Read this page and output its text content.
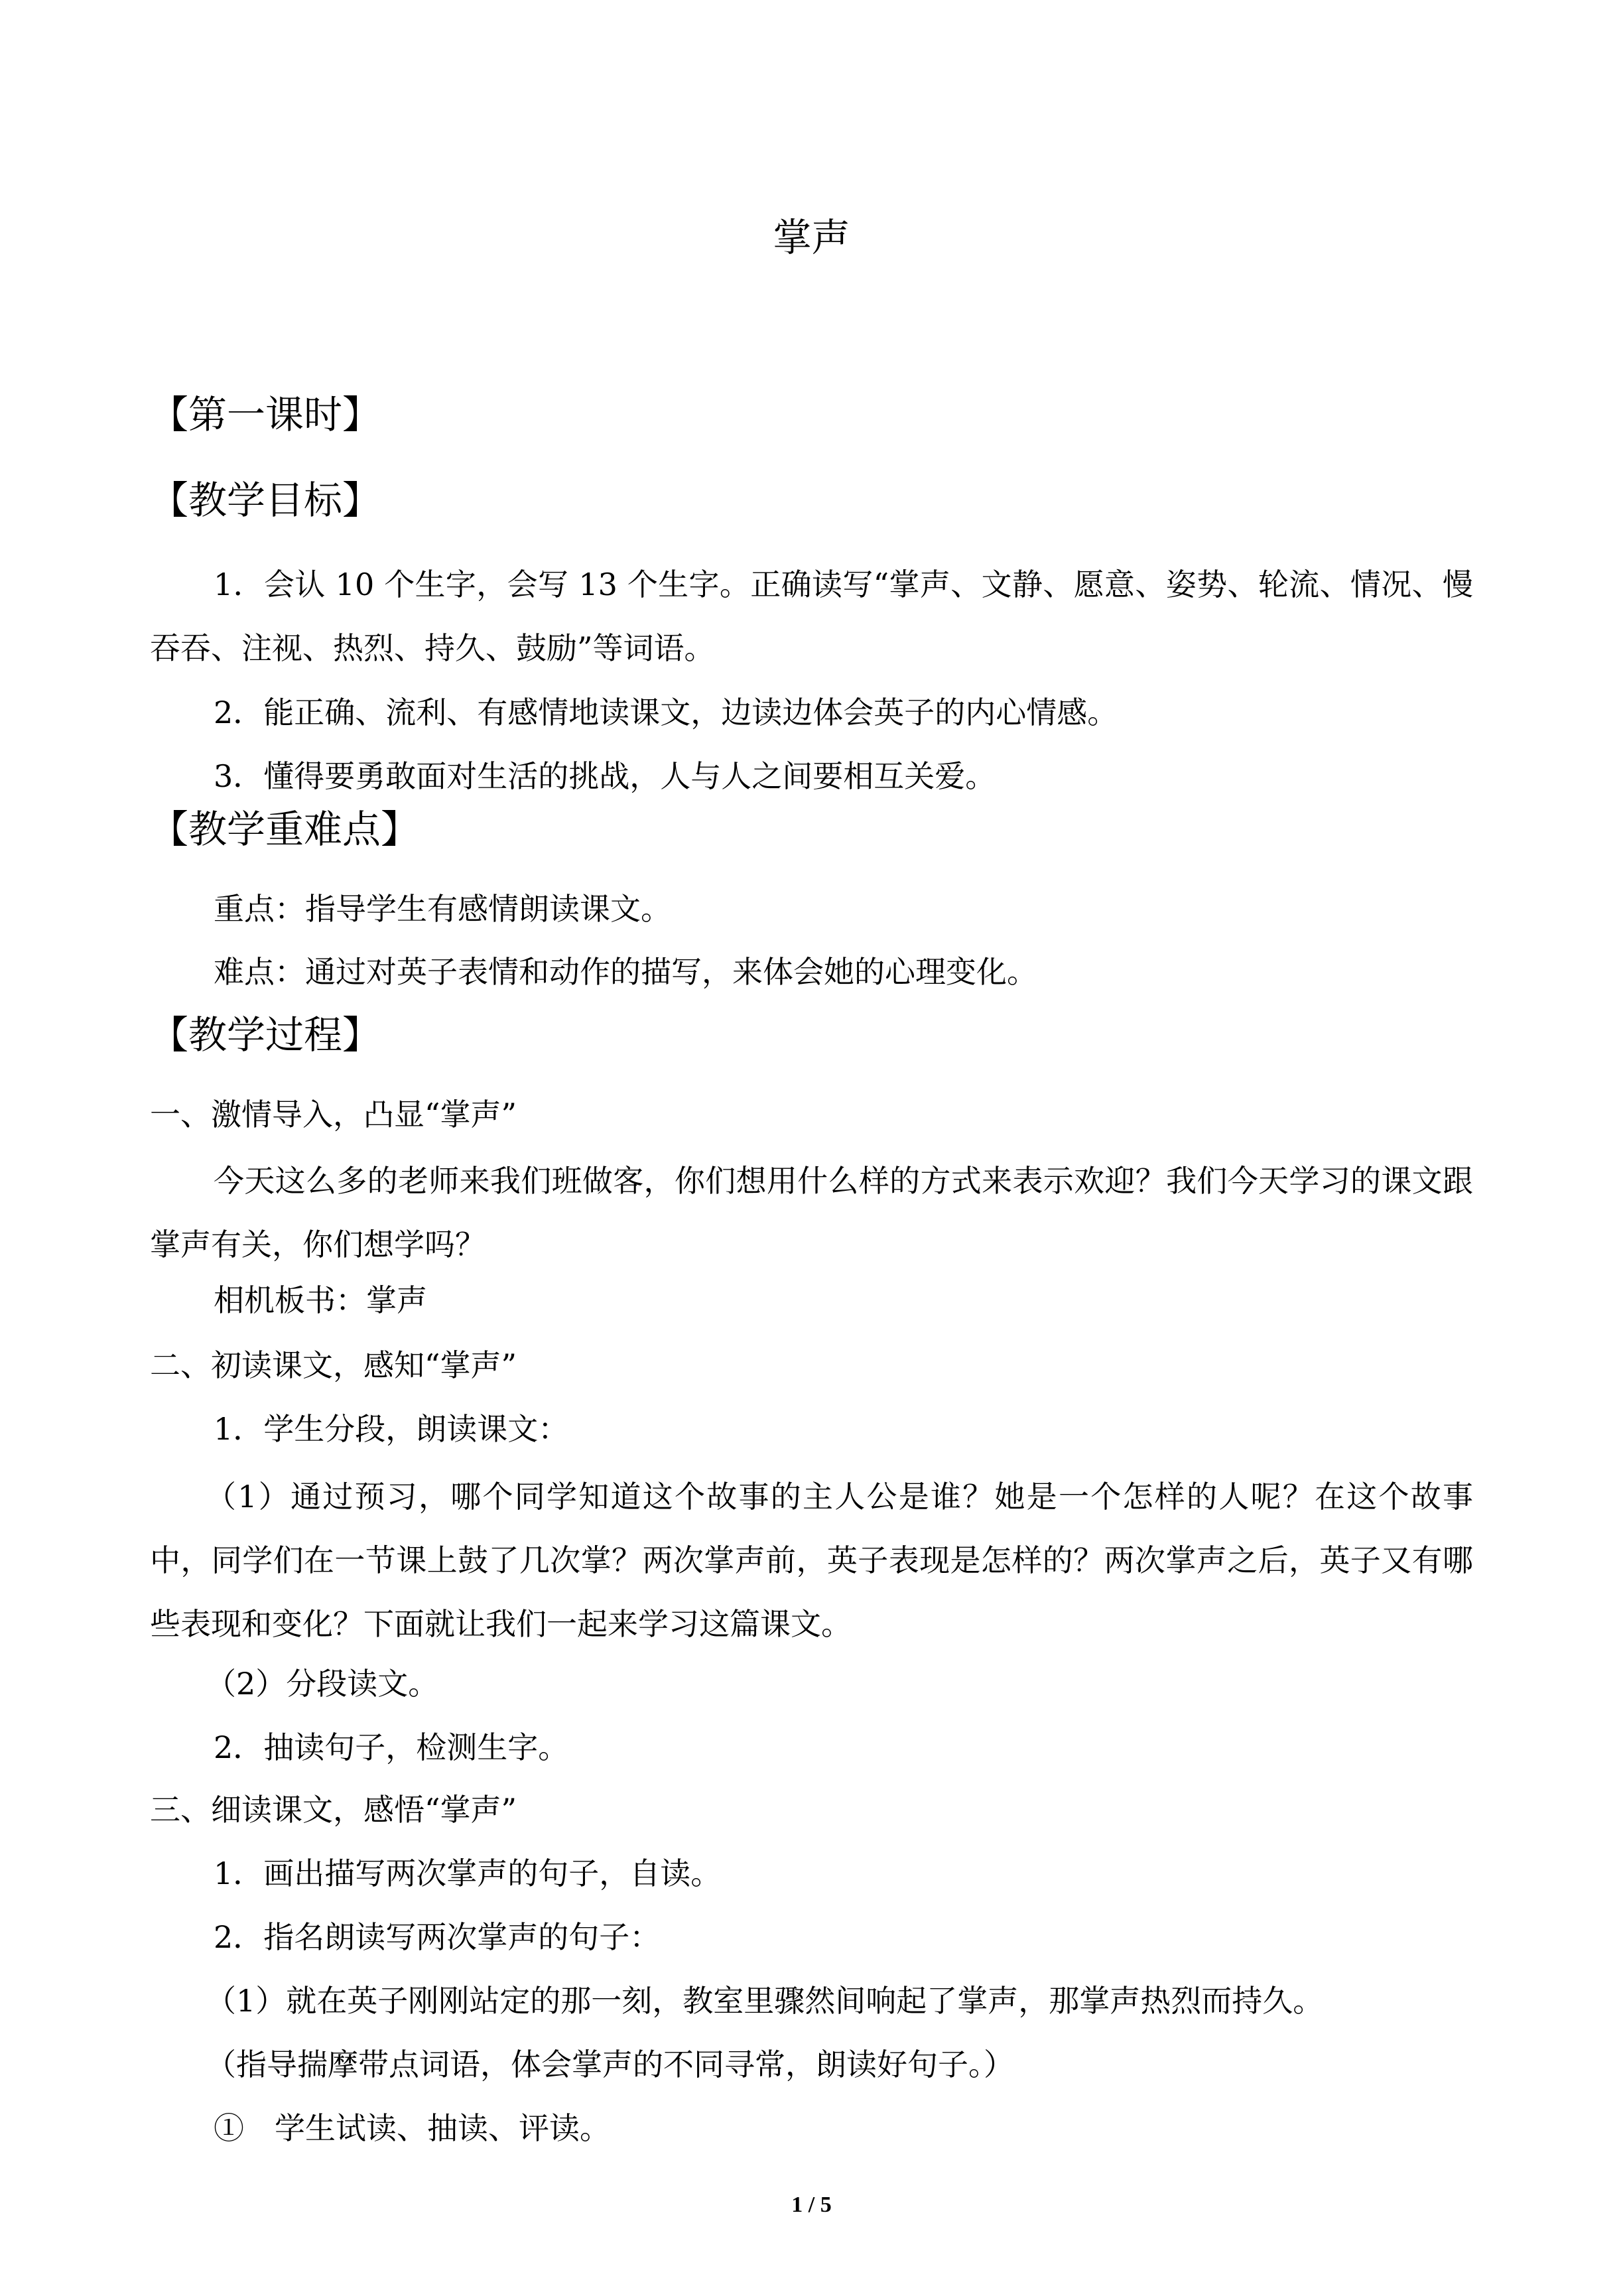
掌声
【第一课时】
【教学目标】
1．会认 10 个生字，会写 13 个生字。正确读写“掌声、文静、愿意、姿势、轮流、情况、慢吞吞、注视、热烈、持久、鼓励”等词语。
2．能正确、流利、有感情地读课文，边读边体会英子的内心情感。
3．懂得要勇敢面对生活的挑战，人与人之间要相互关爱。
【教学重难点】
重点：指导学生有感情朗读课文。
难点：通过对英子表情和动作的描写，来体会她的心理变化。
【教学过程】
一、激情导入，凸显“掌声”
今天这么多的老师来我们班做客，你们想用什么样的方式来表示欢迎？我们今天学习的课文跟掌声有关，你们想学吗？
相机板书：掌声
二、初读课文，感知“掌声”
1．学生分段，朗读课文：
（1）通过预习，哪个同学知道这个故事的主人公是谁？她是一个怎样的人呢？在这个故事中，同学们在一节课上鼓了几次掌？两次掌声前，英子表现是怎样的？两次掌声之后，英子又有哪些表现和变化？下面就让我们一起来学习这篇课文。
（2）分段读文。
2．抽读句子，检测生字。
三、细读课文，感悟“掌声”
1．画出描写两次掌声的句子，自读。
2．指名朗读写两次掌声的句子：
（1）就在英子刚刚站定的那一刻，教室里骤然间响起了掌声，那掌声热烈而持久。
（指导揣摩带点词语，体会掌声的不同寻常，朗读好句子。）
①　学生试读、抽读、评读。
1 / 5
